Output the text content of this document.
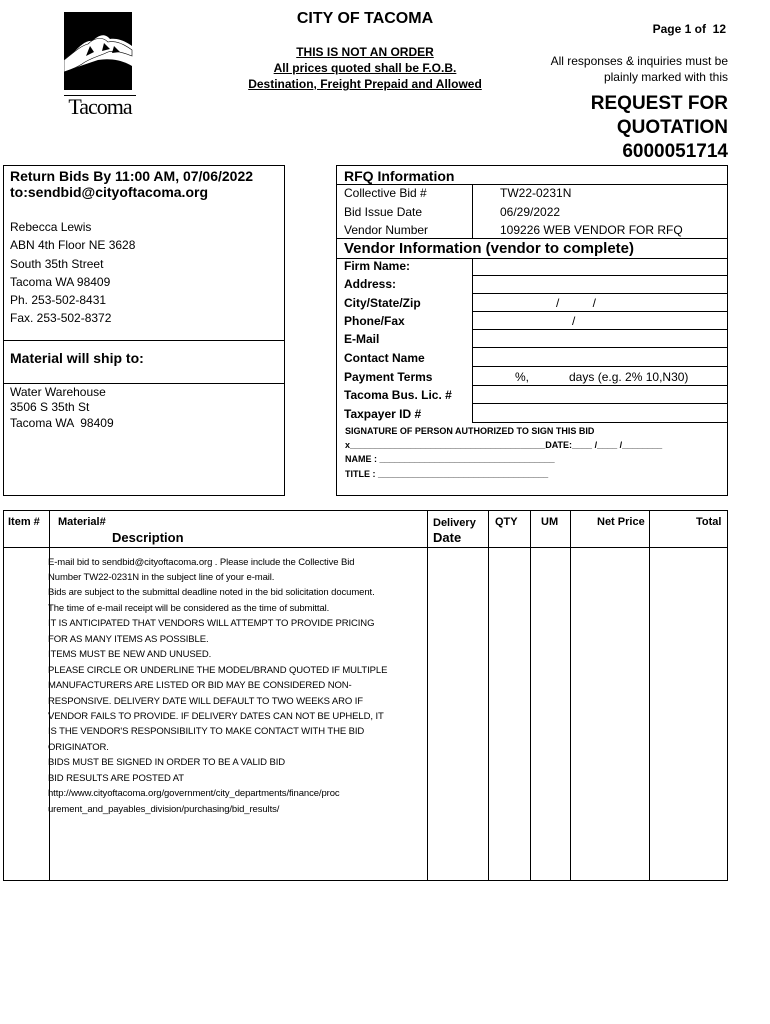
Tacoma
CITY OF TACOMA
THIS IS NOT AN ORDER
All prices quoted shall be F.O.B.
Destination, Freight Prepaid and Allowed
Page 1 of  12
All responses & inquiries must be
plainly marked with this
REQUEST FOR
QUOTATION
6000051714
Return Bids By 11:00 AM, 07/06/2022
to:sendbid@cityoftacoma.org
Rebecca Lewis
ABN 4th Floor NE 3628
South 35th Street
Tacoma WA 98409
Ph. 253-502-8431
Fax. 253-502-8372
Material will ship to:
Water Warehouse
3506 S 35th St
Tacoma WA  98409
RFQ Information
Collective Bid #	TW22-0231N
Bid Issue Date	06/29/2022
Vendor Number	109226 WEB VENDOR FOR RFQ
Vendor Information (vendor to complete)
Firm Name:
Address:
City/State/Zip	/          /
Phone/Fax	/
E-Mail
Contact Name
Payment Terms	%,            days (e.g. 2% 10,N30)
Tacoma Bus. Lic. #
Taxpayer ID #
SIGNATURE OF PERSON AUTHORIZED TO SIGN THIS BID
x_______________________________________DATE:____ /____ /________
NAME : ___________________________________
TITLE : __________________________________
Item # Material#
Description
Delivery
Date
QTY UM	Net Price	Total
E-mail bid to sendbid@cityoftacoma.org . Please include the Collective Bid
Number TW22-0231N in the subject line of your e-mail.
Bids are subject to the submittal deadline noted in the bid solicitation document.
The time of e-mail receipt will be considered as the time of submittal.
IT IS ANTICIPATED THAT VENDORS WILL ATTEMPT TO PROVIDE PRICING
FOR AS MANY ITEMS AS POSSIBLE.
ITEMS MUST BE NEW AND UNUSED.
PLEASE CIRCLE OR UNDERLINE THE MODEL/BRAND QUOTED IF MULTIPLE
MANUFACTURERS ARE LISTED OR BID MAY BE CONSIDERED NON-
RESPONSIVE. DELIVERY DATE WILL DEFAULT TO TWO WEEKS ARO IF
VENDOR FAILS TO PROVIDE. IF DELIVERY DATES CAN NOT BE UPHELD, IT
IS THE VENDOR'S RESPONSIBILITY TO MAKE CONTACT WITH THE BID
ORIGINATOR.
BIDS MUST BE SIGNED IN ORDER TO BE A VALID BID
BID RESULTS ARE POSTED AT
http://www.cityoftacoma.org/government/city_departments/finance/proc
urement_and_payables_division/purchasing/bid_results/
